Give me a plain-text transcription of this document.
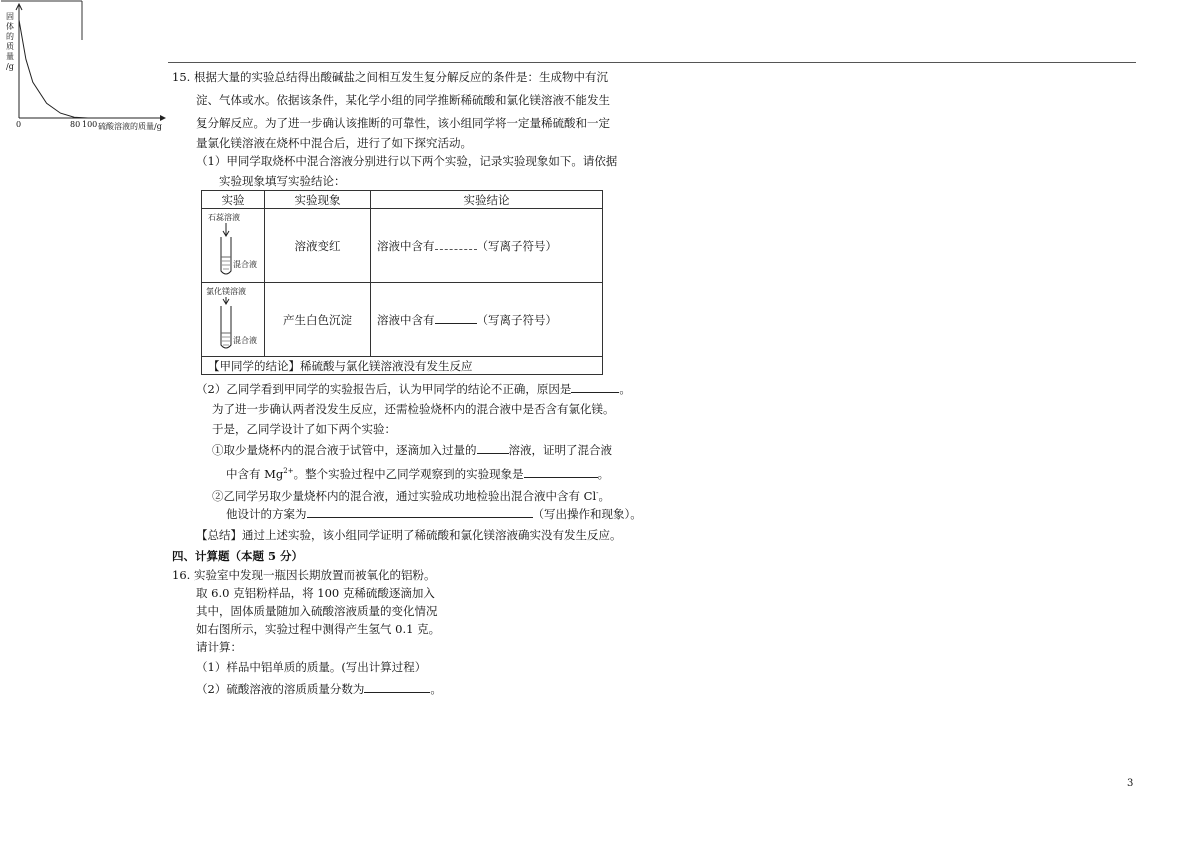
固
体
的
质
量
/g
0	80 100 硫酸溶液的质量/g
15. 根据大量的实验总结得出酸碱盐之间相互发生复分解反应的条件是：生成物中有沉
淀、气体或水。依据该条件，某化学小组的同学推断稀硫酸和氯化镁溶液不能发生
复分解反应。为了进一步确认该推断的可靠性，该小组同学将一定量稀硫酸和一定
量氯化镁溶液在烧杯中混合后，进行了如下探究活动。
（1）甲同学取烧杯中混合溶液分别进行以下两个实验，记录实验现象如下。请依据
实验现象填写实验结论：
实验	实验现象	实验结论

石蕊溶液
混合液	溶液变红	溶液中含有 （写离子符号）

氯化镁溶液
混合液	产生白色沉淀	溶液中含有 （写离子符号）
【甲同学的结论】稀硫酸与氯化镁溶液没有发生反应		
（2）乙同学看到甲同学的实验报告后，认为甲同学的结论不正确，原因是	。
为了进一步确认两者没发生反应，还需检验烧杯内的混合液中是否含有氯化镁。
于是，乙同学设计了如下两个实验：
①取少量烧杯内的混合液于试管中，逐滴加入过量的	溶液，证明了混合液
中含有 $Mg^{2+}$。整个实验过程中乙同学观察到的实验现象是	。
②乙同学另取少量烧杯内的混合液，通过实验成功地检验出混合液中含有 Cl-。
他设计的方案为	（写出操作和现象）。
【总结】通过上述实验，该小组同学证明了稀硫酸和氯化镁溶液确实没有发生反应。
四、计算题（本题 5 分）
16. 实验室中发现一瓶因长期放置而被氧化的铝粉。
取 6.0 克铝粉样品，将 100 克稀硫酸逐滴加入
其中，固体质量随加入硫酸溶液质量的变化情况
如右图所示，实验过程中测得产生氢气 0.1 克。
请计算：
（1）样品中铝单质的质量。(写出计算过程）
（2）硫酸溶液的溶质质量分数为	。
3
